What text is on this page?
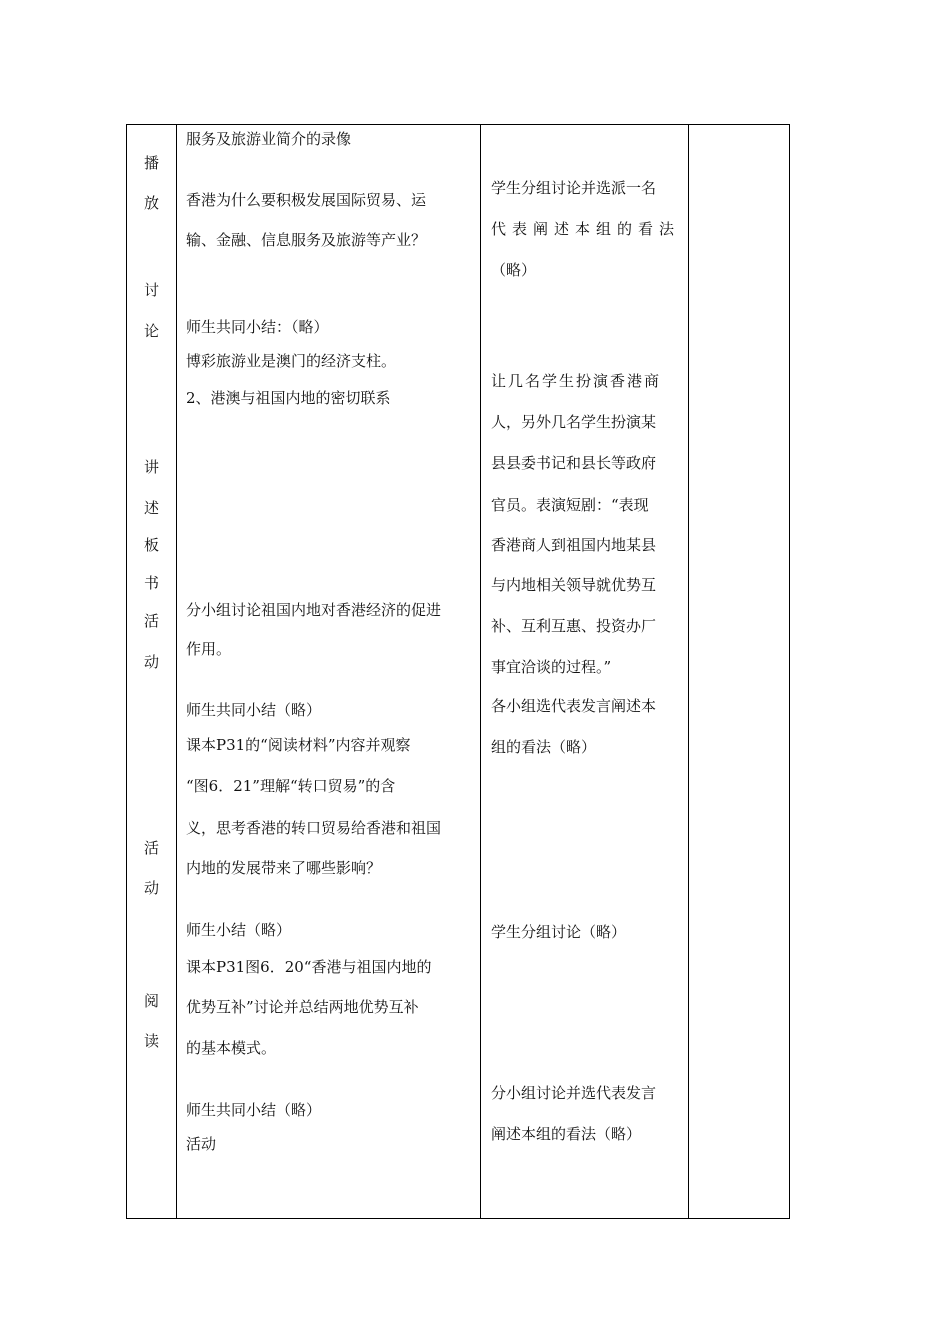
播
放
讨
论
讲
述
板
书
活
动
活
动
阅
读
服务及旅游业简介的录像
香港为什么要积极发展国际贸易、运
输、金融、信息服务及旅游等产业？
师生共同小结：（略）
博彩旅游业是澳门的经济支柱。
2、港澳与祖国内地的密切联系
分小组讨论祖国内地对香港经济的促进
作用。
师生共同小结（略）
课本P31的“阅读材料”内容并观察
“图6．21”理解“转口贸易”的含
义，思考香港的转口贸易给香港和祖国
内地的发展带来了哪些影响？
师生小结（略）
课本P31图6．20“香港与祖国内地的
优势互补”讨论并总结两地优势互补
的基本模式。
师生共同小结（略）
活动
学生分组讨论并选派一名
代表阐述本组的看法
（略）
让几名学生扮演香港商
人，另外几名学生扮演某
县县委书记和县长等政府
官员。表演短剧：“表现
香港商人到祖国内地某县
与内地相关领导就优势互
补、互利互惠、投资办厂
事宜洽谈的过程。”
各小组选代表发言阐述本
组的看法（略）
学生分组讨论（略）
分小组讨论并选代表发言
阐述本组的看法（略）
